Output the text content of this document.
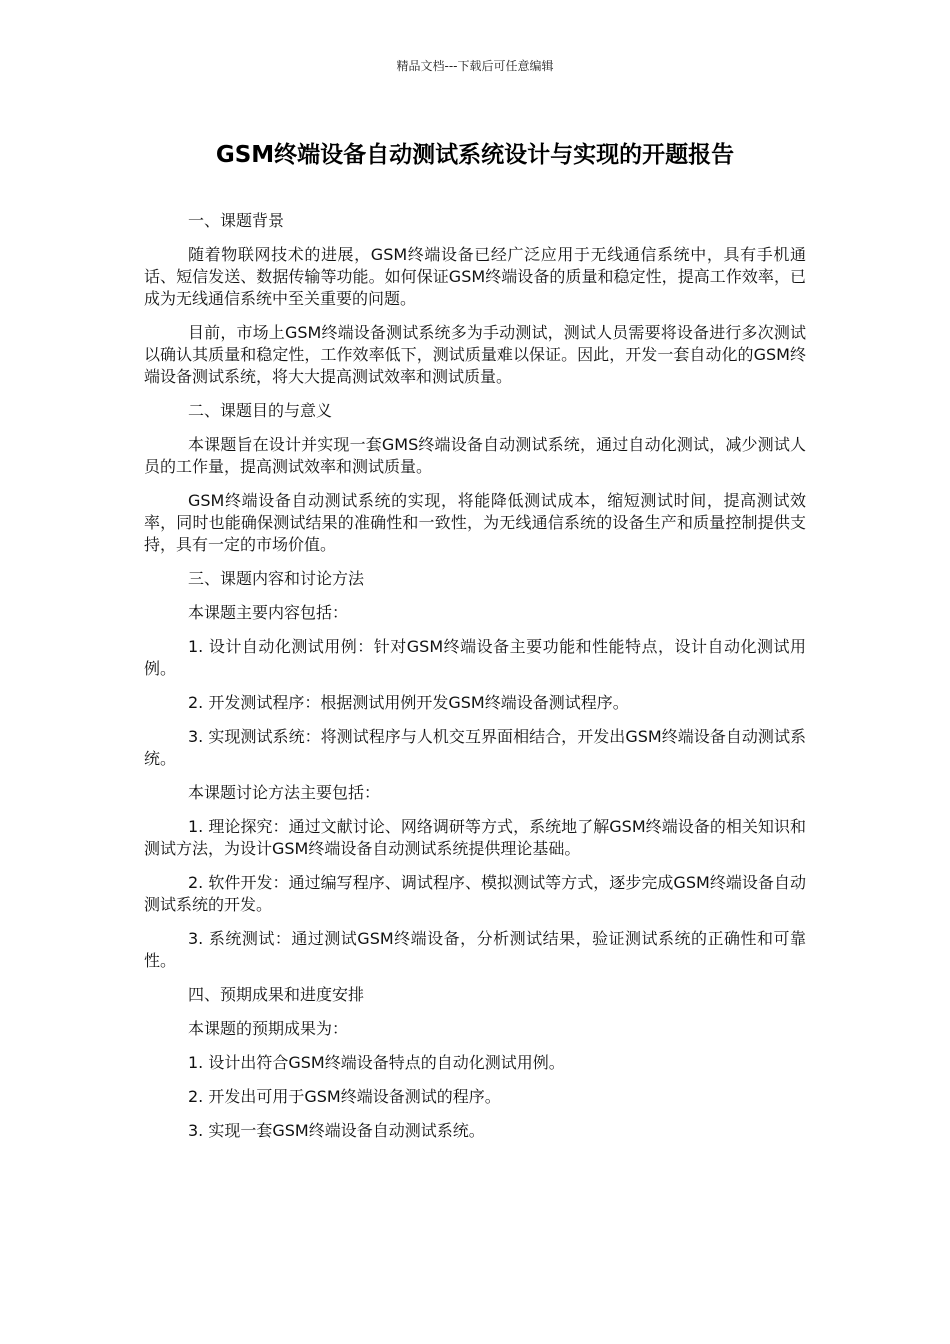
精品文档---下载后可任意编辑
GSM终端设备自动测试系统设计与实现的开题报告

一、课题背景

随着物联网技术的进展，GSM终端设备已经广泛应用于无线通信系统中，具有手机通话、短信发送、数据传输等功能。如何保证GSM终端设备的质量和稳定性，提高工作效率，已成为无线通信系统中至关重要的问题。

目前，市场上GSM终端设备测试系统多为手动测试，测试人员需要将设备进行多次测试以确认其质量和稳定性，工作效率低下，测试质量难以保证。因此，开发一套自动化的GSM终端设备测试系统，将大大提高测试效率和测试质量。

二、课题目的与意义

本课题旨在设计并实现一套GMS终端设备自动测试系统，通过自动化测试，减少测试人员的工作量，提高测试效率和测试质量。

GSM终端设备自动测试系统的实现，将能降低测试成本，缩短测试时间，提高测试效率，同时也能确保测试结果的准确性和一致性，为无线通信系统的设备生产和质量控制提供支持，具有一定的市场价值。

三、课题内容和讨论方法

本课题主要内容包括：

1. 设计自动化测试用例：针对GSM终端设备主要功能和性能特点，设计自动化测试用例。

2. 开发测试程序：根据测试用例开发GSM终端设备测试程序。

3. 实现测试系统：将测试程序与人机交互界面相结合，开发出GSM终端设备自动测试系统。

本课题讨论方法主要包括：

1. 理论探究：通过文献讨论、网络调研等方式，系统地了解GSM终端设备的相关知识和测试方法，为设计GSM终端设备自动测试系统提供理论基础。

2. 软件开发：通过编写程序、调试程序、模拟测试等方式，逐步完成GSM终端设备自动测试系统的开发。

3. 系统测试：通过测试GSM终端设备，分析测试结果，验证测试系统的正确性和可靠性。

四、预期成果和进度安排

本课题的预期成果为：

1. 设计出符合GSM终端设备特点的自动化测试用例。

2. 开发出可用于GSM终端设备测试的程序。

3. 实现一套GSM终端设备自动测试系统。
